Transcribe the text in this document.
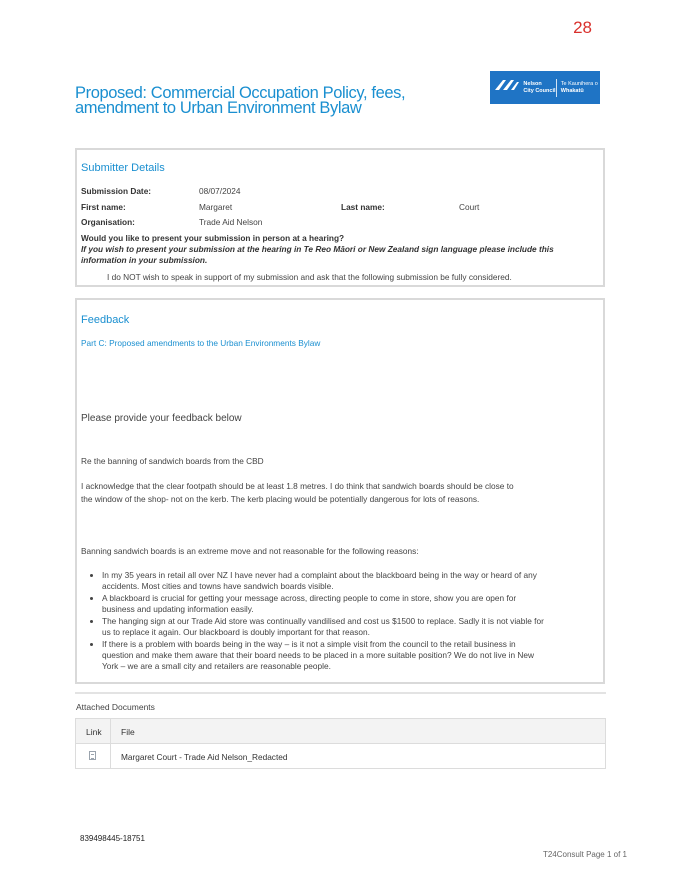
28
Proposed: Commercial Occupation Policy, fees, amendment to Urban Environment Bylaw
Nelson
City Council
Te Kaunihera o
Whakatū
Submitter Details
Submission Date:	08/07/2024
First name:	Margaret	Last name:	Court
Organisation:	Trade Aid Nelson
Would you like to present your submission in person at a hearing?
If you wish to present your submission at the hearing in Te Reo Māori or New Zealand sign language please include this information in your submission.
I do NOT wish to speak in support of my submission and ask that the following submission be fully considered.
Feedback
Part C: Proposed amendments to the Urban Environments Bylaw
Please provide your feedback below
Re the banning of sandwich boards from the CBD
I acknowledge that the clear footpath should be at least 1.8 metres. I do think that sandwich boards should be close to
the window of the shop- not on the kerb. The kerb placing would be potentially dangerous for lots of reasons.
Banning sandwich boards is an extreme move and not reasonable for the following reasons:
• In my 35 years in retail all over NZ I have never had a complaint about the blackboard being in the way or heard of any accidents. Most cities and towns have sandwich boards visible.
• A blackboard is crucial for getting your message across, directing people to come in store, show you are open for business and updating information easily.
• The hanging sign at our Trade Aid store was continually vandilised and cost us $1500 to replace. Sadly it is not viable for us to replace it again. Our blackboard is doubly important for that reason.
• If there is a problem with boards being in the way – is it not a simple visit from the council to the retail business in question and make them aware that their board needs to be placed in a more suitable position? We do not live in New York – we are a small city and retailers are reasonable people.
Attached Documents
Link File
Margaret Court - Trade Aid Nelson_Redacted
839498445-18751
T24Consult Page 1 of 1
